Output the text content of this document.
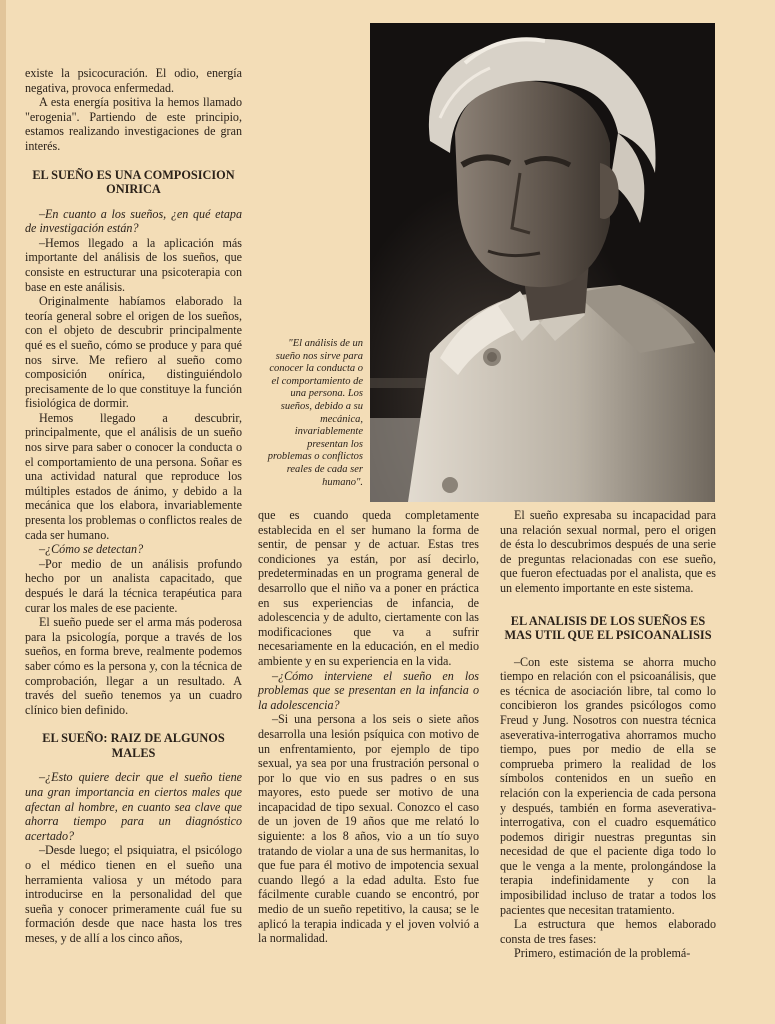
existe la psicocuración. El odio, energía negativa, provoca enfermedad.

A esta energía positiva la hemos llamado "erogenia". Partiendo de este principio, estamos realizando investigaciones de gran interés.

EL SUEÑO ES UNA COMPOSICION ONIRICA

–En cuanto a los sueños, ¿en qué etapa de investigación están?

–Hemos llegado a la aplicación más importante del análisis de los sueños, que consiste en estructurar una psicoterapia con base en este análisis.

Originalmente habíamos elaborado la teoría general sobre el origen de los sueños, con el objeto de descubrir principalmente qué es el sueño, cómo se produce y para qué nos sirve. Me refiero al sueño como composición onírica, distinguiéndolo precisamente de lo que constituye la función fisiológica de dormir.

Hemos llegado a descubrir, principalmente, que el análisis de un sueño nos sirve para saber o conocer la conducta o el comportamiento de una persona. Soñar es una actividad natural que reproduce los múltiples estados de ánimo, y debido a la mecánica que los elabora, invariablemente presenta los problemas o conflictos reales de cada ser humano.

–¿Cómo se detectan?

–Por medio de un análisis profundo hecho por un analista capacitado, que después le dará la técnica terapéutica para curar los males de ese paciente.

El sueño puede ser el arma más poderosa para la psicología, porque a través de los sueños, en forma breve, realmente podemos saber cómo es la persona y, con la técnica de comprobación, llegar a un resultado. A través del sueño tenemos ya un cuadro clínico bien definido.

EL SUEÑO: RAIZ DE ALGUNOS MALES

–¿Esto quiere decir que el sueño tiene una gran importancia en ciertos males que afectan al hombre, en cuanto sea clave que ahorra tiempo para un diagnóstico acertado?

–Desde luego; el psiquiatra, el psicólogo o el médico tienen en el sueño una herramienta valiosa y un método para introducirse en la personalidad del que sueña y conocer primeramente cuál fue su formación desde que nace hasta los tres meses, y de allí a los cinco años,

"El análisis de un sueño nos sirve para conocer la conducta o el comportamiento de una persona. Los sueños, debido a su mecánica, invariablemente presentan los problemas o conflictos reales de cada ser humano".

que es cuando queda completamente establecida en el ser humano la forma de sentir, de pensar y de actuar. Estas tres condiciones ya están, por así decirlo, predeterminadas en un programa general de desarrollo que el niño va a poner en práctica en sus experiencias de infancia, de adolescencia y de adulto, ciertamente con las modificaciones que va a sufrir necesariamente en la educación, en el medio ambiente y en su experiencia en la vida.

–¿Cómo interviene el sueño en los problemas que se presentan en la infancia o la adolescencia?

–Si una persona a los seis o siete años desarrolla una lesión psíquica con motivo de un enfrentamiento, por ejemplo de tipo sexual, ya sea por una frustración personal o por lo que vio en sus padres o en sus mayores, esto puede ser motivo de una incapacidad de tipo sexual. Conozco el caso de un joven de 19 años que me relató lo siguiente: a los 8 años, vio a un tío suyo tratando de violar a una de sus hermanitas, lo que fue para él motivo de impotencia sexual cuando llegó a la edad adulta. Esto fue fácilmente curable cuando se encontró, por medio de un sueño repetitivo, la causa; se le aplicó la terapia indicada y el joven volvió a la normalidad.

El sueño expresaba su incapacidad para una relación sexual normal, pero el origen de ésta lo descubrimos después de una serie de preguntas relacionadas con ese sueño, que fueron efectuadas por el analista, que es un elemento importante en este sistema.

EL ANALISIS DE LOS SUEÑOS ES MAS UTIL QUE EL PSICOANALISIS

–Con este sistema se ahorra mucho tiempo en relación con el psicoanálisis, que es técnica de asociación libre, tal como lo concibieron los grandes psicólogos como Freud y Jung. Nosotros con nuestra técnica aseverativa-interrogativa ahorramos mucho tiempo, pues por medio de ella se comprueba primero la realidad de los símbolos contenidos en un sueño en relación con la experiencia de cada persona y después, también en forma aseverativa-interrogativa, con el cuadro esquemático podemos dirigir nuestras preguntas sin necesidad de que el paciente diga todo lo que le venga a la mente, prolongándose la terapia indefinidamente y con la imposibilidad incluso de tratar a todos los pacientes que necesitan tratamiento.

La estructura que hemos elaborado consta de tres fases:

Primero, estimación de la problemá-
